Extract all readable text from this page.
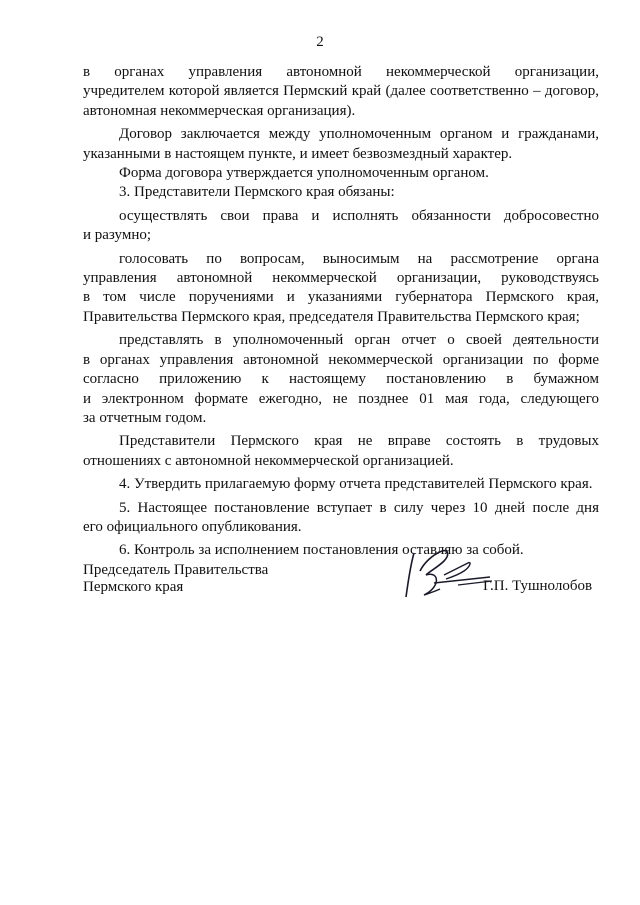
2
в органах управления автономной некоммерческой организации,
учредителем которой является Пермский край (далее соответственно – договор,
автономная некоммерческая организация).
Договор заключается между уполномоченным органом и гражданами,
указанными в настоящем пункте, и имеет безвозмездный характер.
Форма договора утверждается уполномоченным органом.
3. Представители Пермского края обязаны:
осуществлять свои права и исполнять обязанности добросовестно
и разумно;
голосовать по вопросам, выносимым на рассмотрение органа
управления автономной некоммерческой организации, руководствуясь
в том числе поручениями и указаниями губернатора Пермского края,
Правительства Пермского края, председателя Правительства Пермского края;
представлять в уполномоченный орган отчет о своей деятельности
в органах управления автономной некоммерческой организации по форме
согласно приложению к настоящему постановлению в бумажном
и электронном формате ежегодно, не позднее 01 мая года, следующего
за отчетным годом.
Представители Пермского края не вправе состоять в трудовых
отношениях с автономной некоммерческой организацией.
4. Утвердить прилагаемую форму отчета представителей Пермского края.
5. Настоящее постановление вступает в силу через 10 дней после дня
его официального опубликования.
6. Контроль за исполнением постановления оставляю за собой.
Председатель Правительства
Пермского края	Г.П. Тушнолобов
